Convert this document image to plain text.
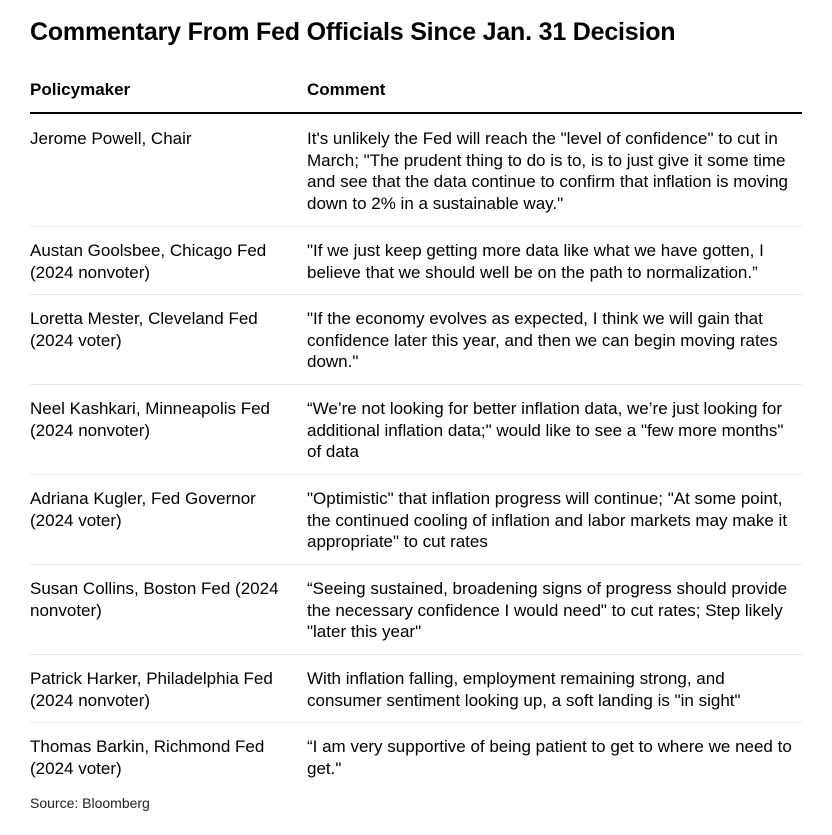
Commentary From Fed Officials Since Jan. 31 Decision
Policymaker	Comment
Jerome Powell, Chair	It's unlikely the Fed will reach the "level of confidence" to cut in March; "The prudent thing to do is to, is to just give it some time and see that the data continue to confirm that inflation is moving down to 2% in a sustainable way."
Austan Goolsbee, Chicago Fed
(2024 nonvoter)
"If we just keep getting more data like what we have gotten, I believe that we should well be on the path to normalization.”
Loretta Mester, Cleveland Fed
(2024 voter)
"If the economy evolves as expected, I think we will gain that confidence later this year, and then we can begin moving rates down."
Neel Kashkari, Minneapolis Fed
(2024 nonvoter)
“We’re not looking for better inflation data, we’re just looking for additional inflation data;" would like to see a "few more months" of data
Adriana Kugler, Fed Governor
(2024 voter)
"Optimistic" that inflation progress will continue; "At some point, the continued cooling of inflation and labor markets may make it appropriate" to cut rates
Susan Collins, Boston Fed (2024
nonvoter)
“Seeing sustained, broadening signs of progress should provide the necessary confidence I would need" to cut rates; Step likely "later this year"
Patrick Harker, Philadelphia Fed
(2024 nonvoter)
With inflation falling, employment remaining strong, and consumer sentiment looking up, a soft landing is "in sight"
Thomas Barkin, Richmond Fed
(2024 voter)
“I am very supportive of being patient to get to where we need to get."
Source: Bloomberg
